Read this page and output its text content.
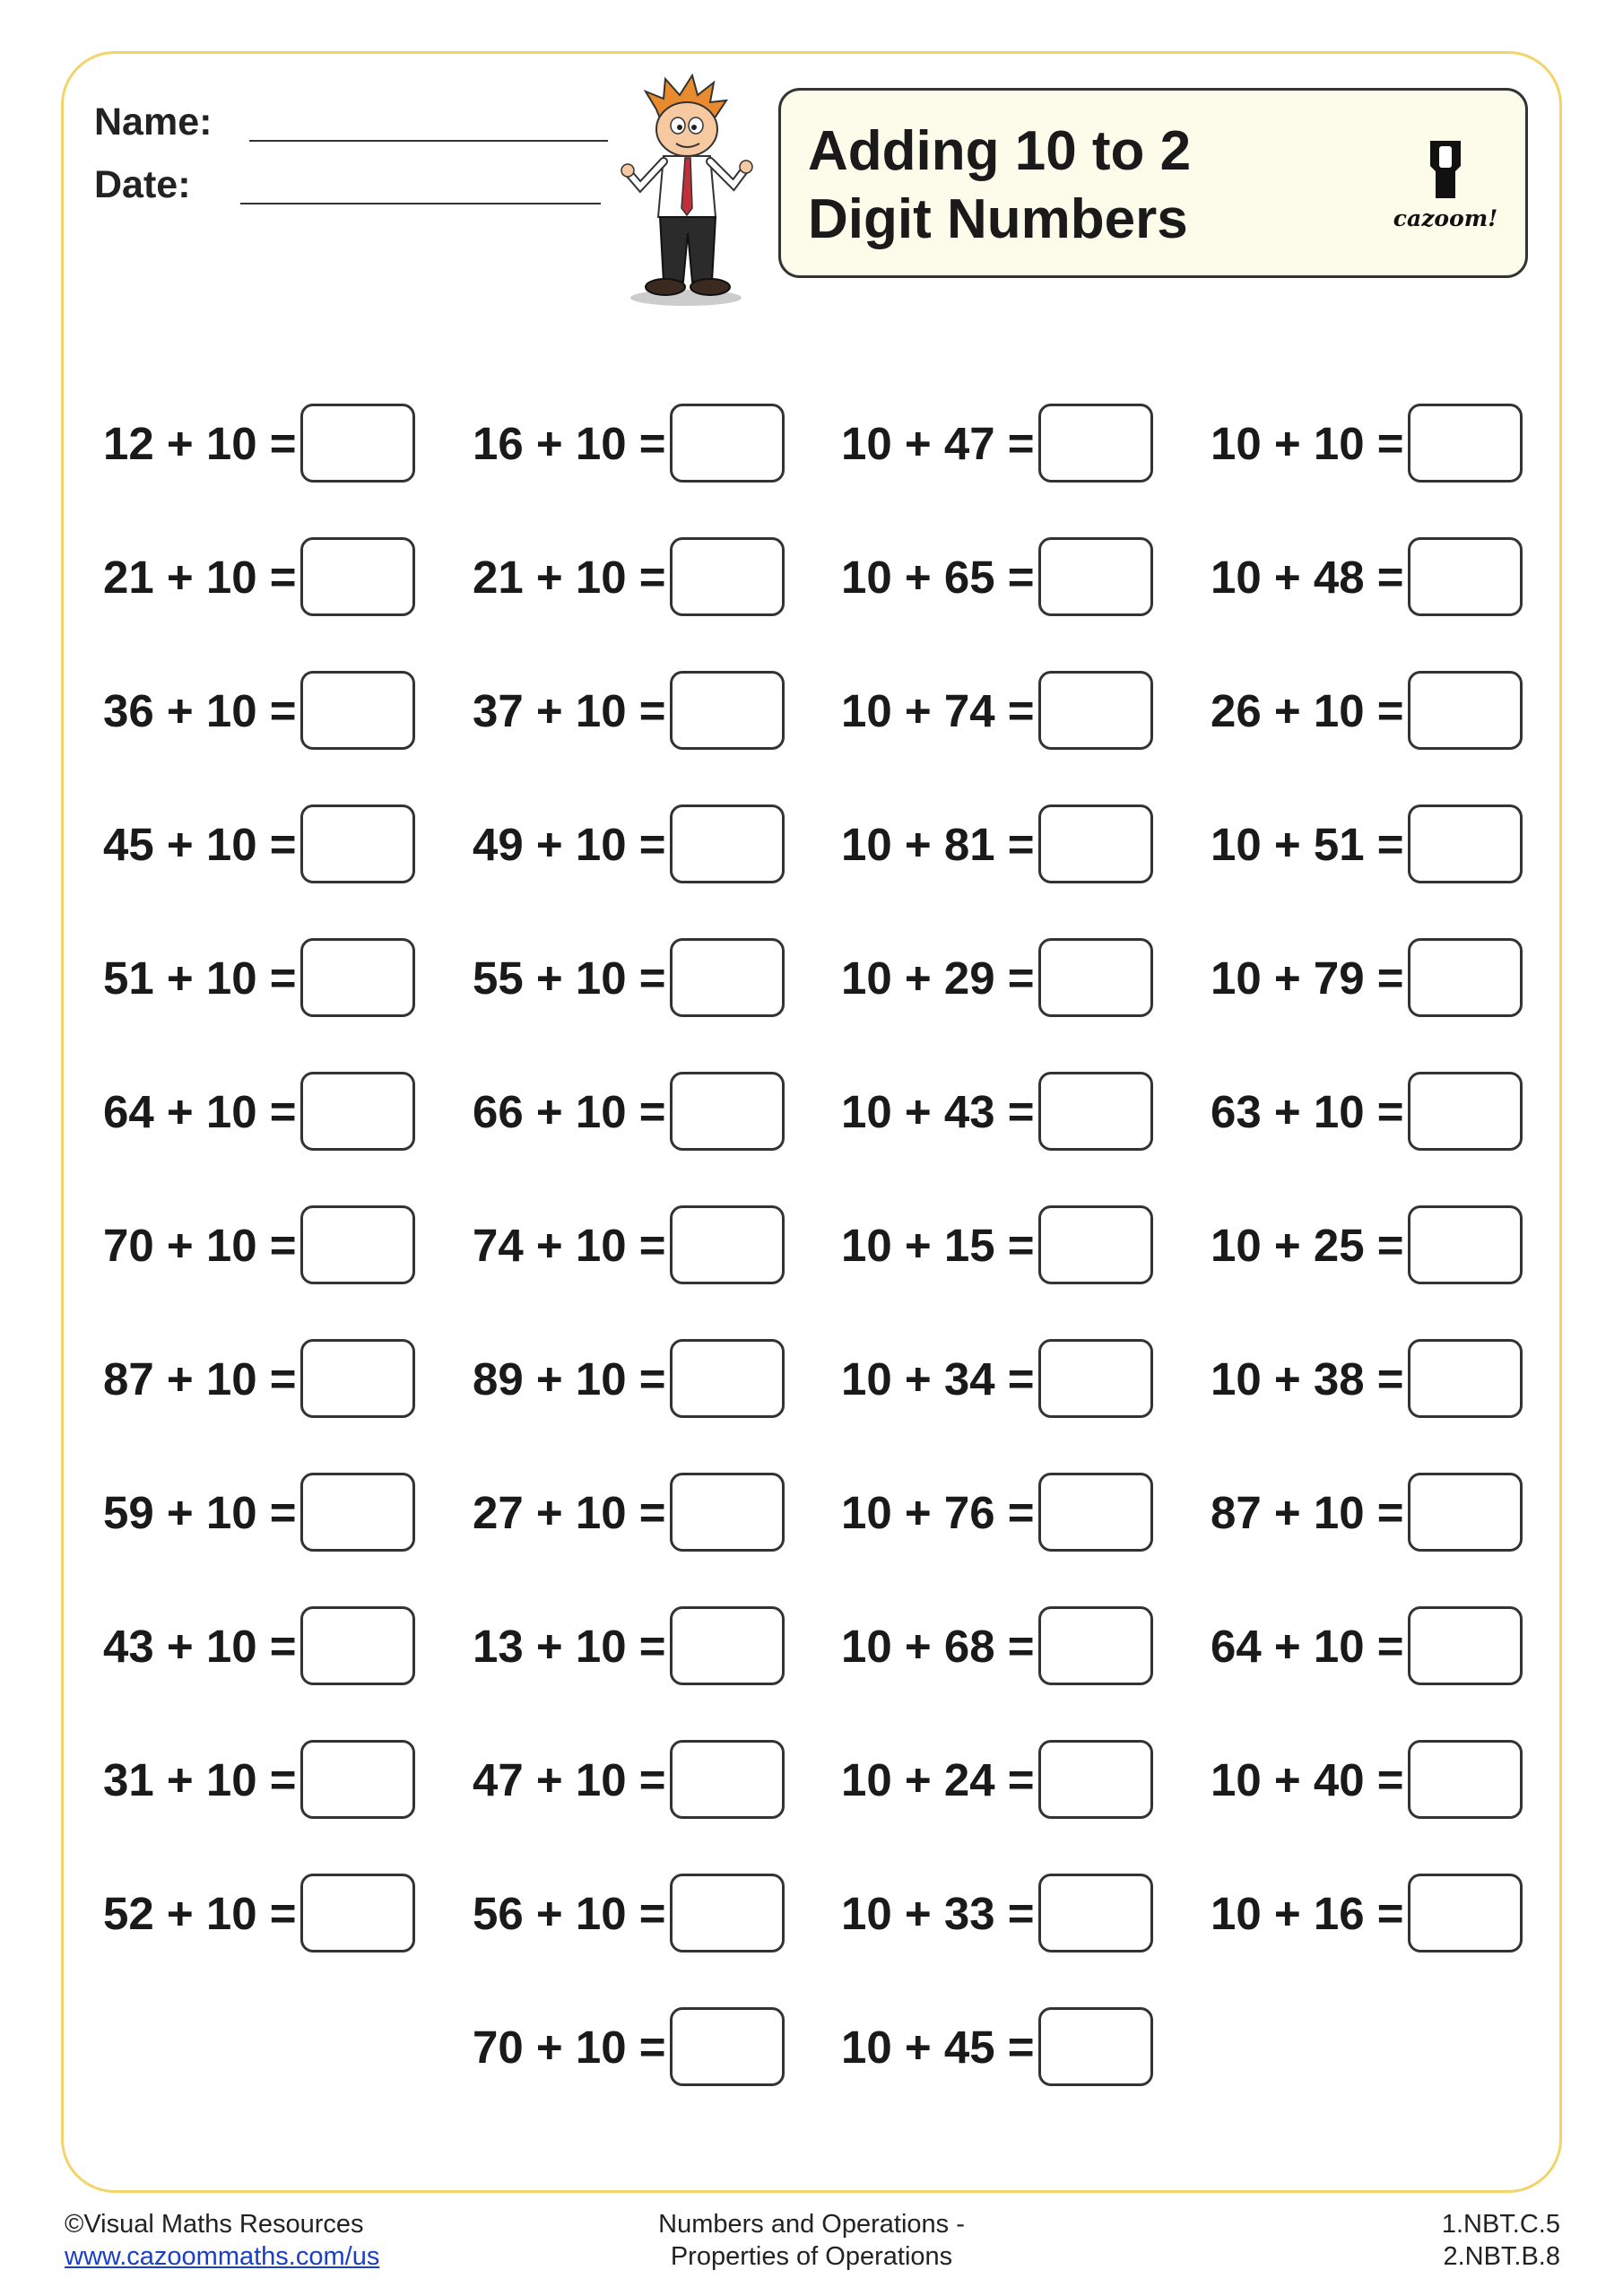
Name:
Date:
Adding 10 to 2
Digit Numbers	cazoom!
12 + 10 =
21 + 10 =
36 + 10 =
45 + 10 =
51 + 10 =
64 + 10 =
70 + 10 =
87 + 10 =
59 + 10 =
43 + 10 =
31 + 10 =
52 + 10 =
16 + 10 =
21 + 10 =
37 + 10 =
49 + 10 =
55 + 10 =
66 + 10 =
74 + 10 =
89 + 10 =
27 + 10 =
13 + 10 =
47 + 10 =
56 + 10 =
70 + 10 =
10 + 47 =
10 + 65 =
10 + 74 =
10 + 81 =
10 + 29 =
10 + 43 =
10 + 15 =
10 + 34 =
10 + 76 =
10 + 68 =
10 + 24 =
10 + 33 =
10 + 45 =
10 + 10 =
10 + 48 =
26 + 10 =
10 + 51 =
10 + 79 =
63 + 10 =
10 + 25 =
10 + 38 =
87 + 10 =
64 + 10 =
10 + 40 =
10 + 16 =
©Visual Maths Resources
www.cazoommaths.com/us
Numbers and Operations -
Properties of Operations
1.NBT.C.5
2.NBT.B.8
